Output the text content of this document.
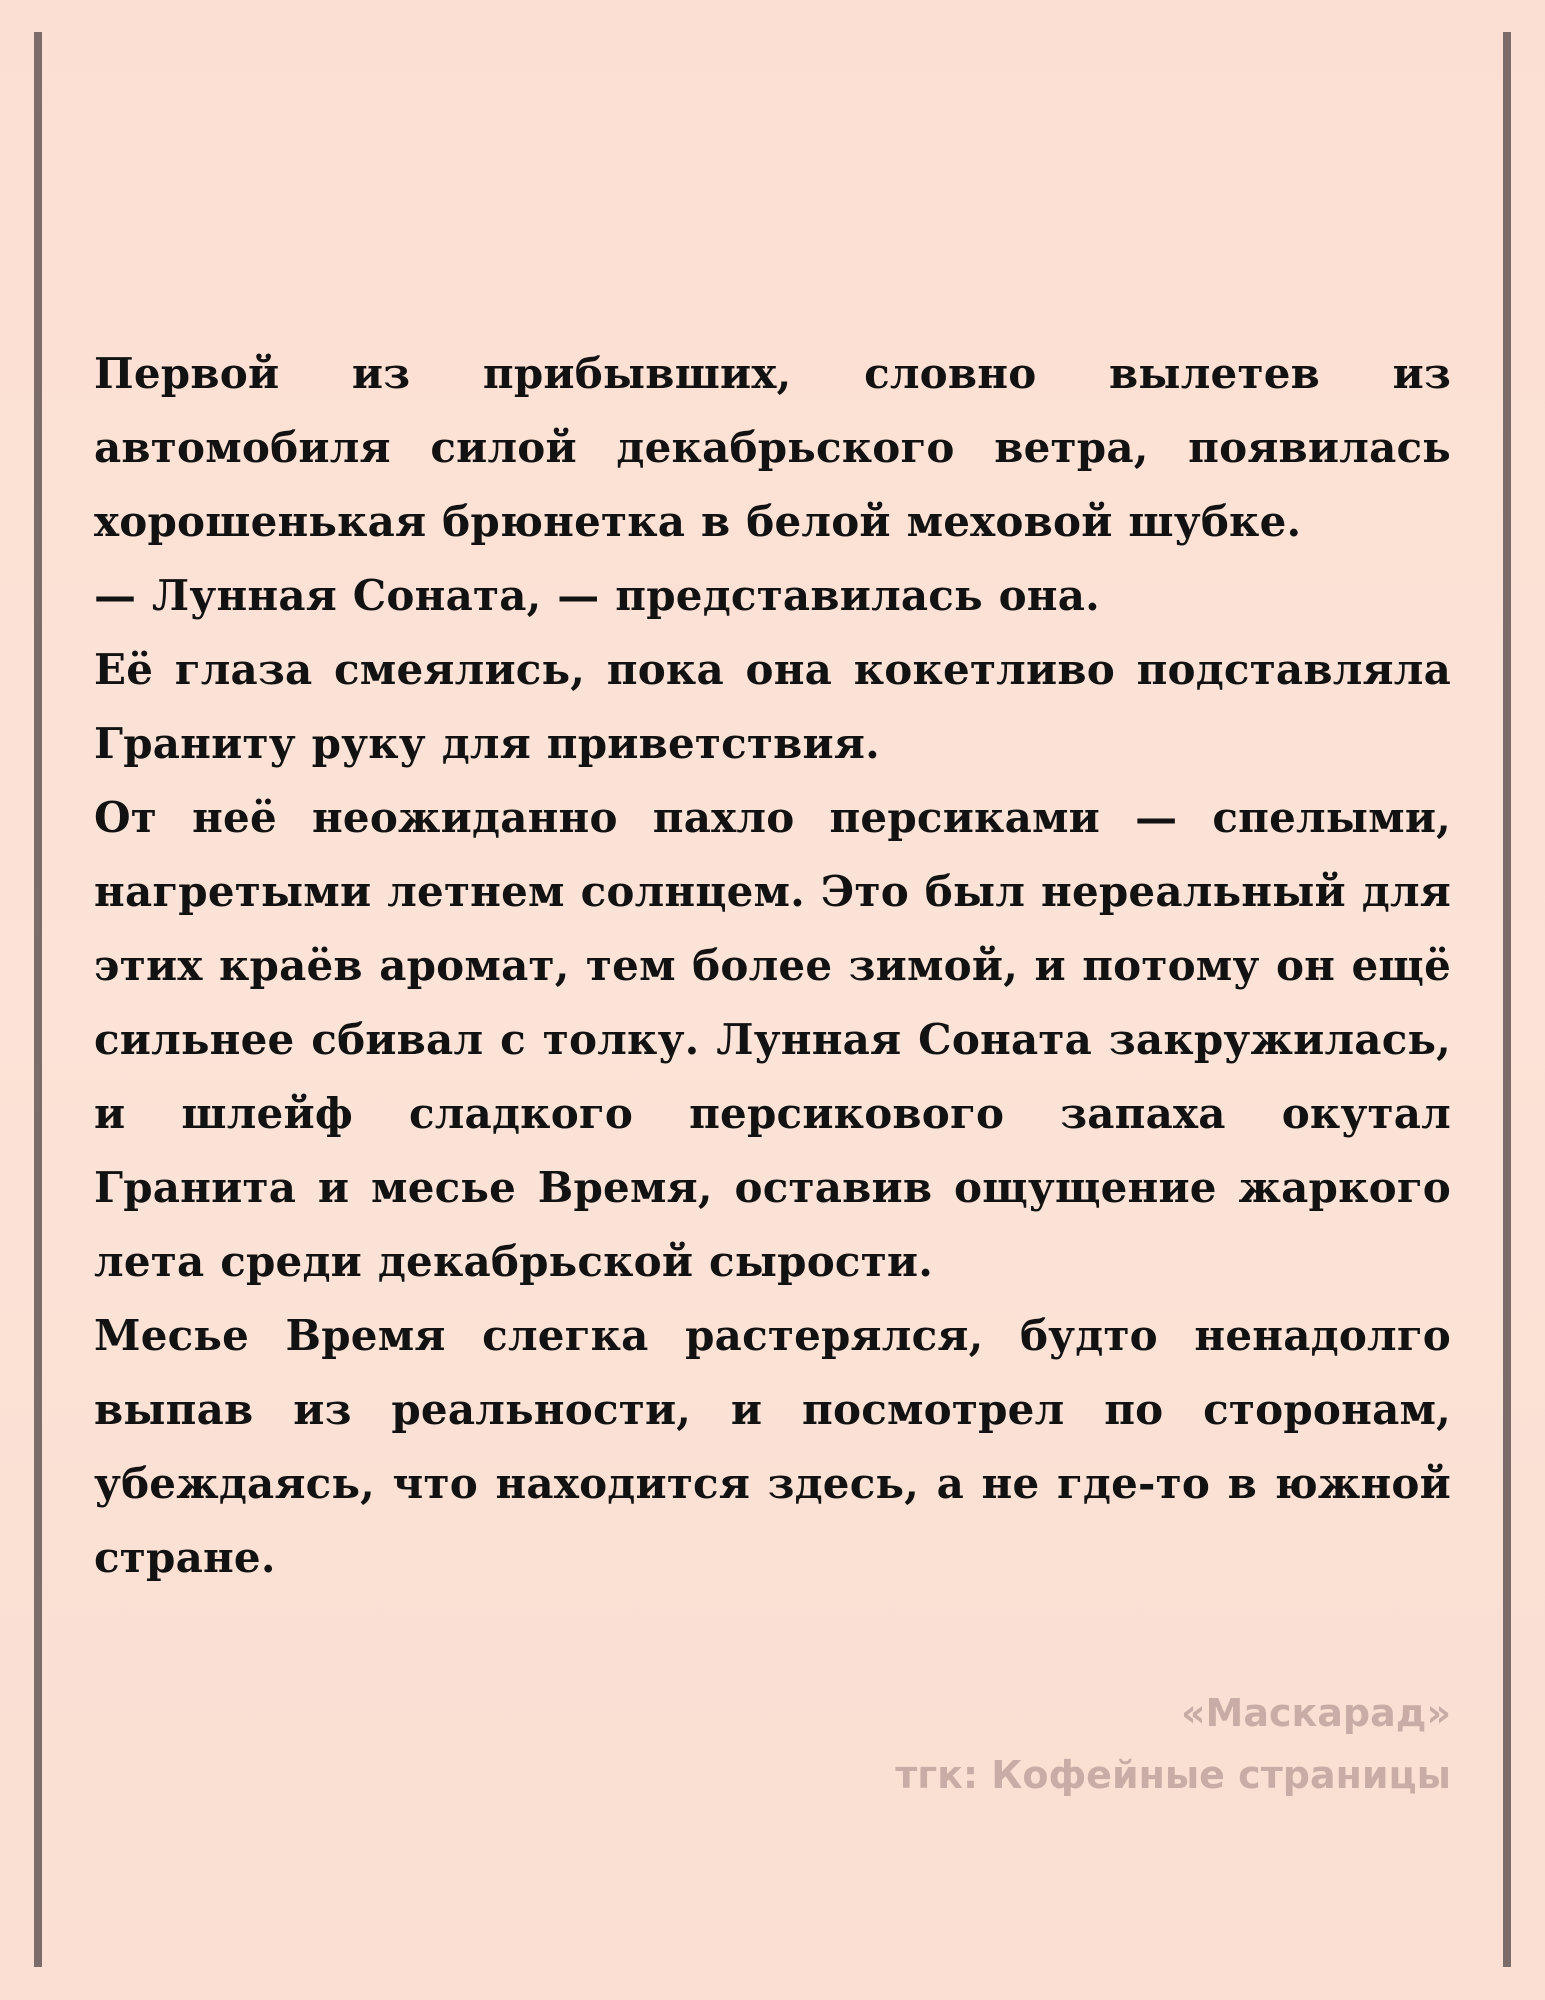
Первой из прибывших, словно вылетев из автомобиля силой декабрьского ветра, появилась хорошенькая брюнетка в белой меховой шубке.

— Лунная Соната, — представилась она.

Её глаза смеялись, пока она кокетливо подставляла Граниту руку для приветствия.

От неё неожиданно пахло персиками — спелыми, нагретыми летнем солнцем. Это был нереальный для этих краёв аромат, тем более зимой, и потому он ещё сильнее сбивал с толку. Лунная Соната закружилась, и шлейф сладкого персикового запаха окутал Гранита и месье Время, оставив ощущение жаркого лета среди декабрьской сырости.

Месье Время слегка растерялся, будто ненадолго выпав из реальности, и посмотрел по сторонам, убеждаясь, что находится здесь, а не где-то в южной стране.

«Маскарад»
тгк: Кофейные страницы
